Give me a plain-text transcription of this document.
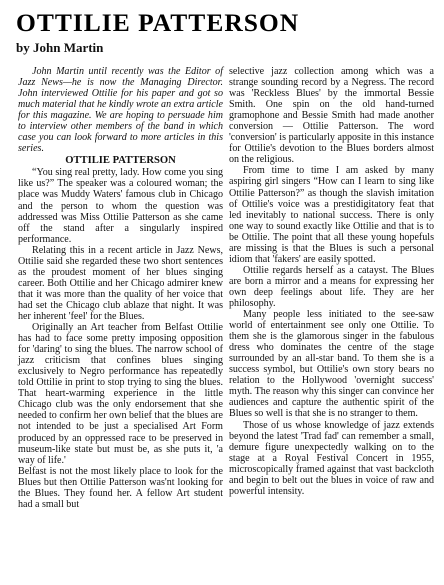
OTTILIE PATTERSON
by John Martin

John Martin until recently was the Editor of Jazz News—he is now the Managing Director. John interviewed Ottilie for his paper and got so much material that he kindly wrote an extra article for this magazine. We are hoping to persuade him to interview other members of the band in which case you can look forward to more articles in this series.

OTTILIE PATTERSON

“You sing real pretty, lady. How come you sing like us?” The speaker was a coloured woman; the place was Muddy Waters' famous club in Chicago and the person to whom the question was addressed was Miss Ottilie Patterson as she came off the stand after a singularly inspired performance.

Relating this in a recent article in Jazz News, Ottilie said she regarded these two short sentences as the proudest moment of her blues singing career. Both Ottilie and her Chicago admirer knew that it was more than the quality of her voice that had set the Chicago club ablaze that night. It was her inherent 'feel' for the Blues.

Originally an Art teacher from Belfast Ottilie has had to face some pretty imposing opposition for 'daring' to sing the blues. The narrow school of jazz criticism that confines blues singing exclusively to Negro performance has repeatedly told Ottilie in print to stop trying to sing the blues. That heart-warming experience in the little Chicago club was the only endorsement that she needed to confirm her own belief that the blues are not intended to be just a specialised Art Form produced by an oppressed race to be preserved in museum-like state but must be, as she puts it, 'a way of life.'

Belfast is not the most likely place to look for the Blues but then Ottilie Patterson was'nt looking for the Blues. They found her. A fellow Art student had a small but

selective jazz collection among which was a strange sounding record by a Negress. The record was 'Reckless Blues' by the immortal Bessie Smith. One spin on the old hand-turned gramophone and Bessie Smith had made another conversion — Ottilie Patterson. The word 'conversion' is particularly apposite in this instance for Ottilie's devotion to the Blues borders almost on the religious.

From time to time I am asked by many aspiring girl singers “How can I learn to sing like Ottilie Patterson?” as though the slavish imitation of Ottilie's voice was a prestidigitatory feat that led inevitably to national success. There is only one way to sound exactly like Ottilie and that is to be Ottilie. The point that all these young hopefuls are missing is that the Blues is such a personal idiom that 'fakers' are easily spotted.

Ottilie regards herself as a catayst. The Blues are born a mirror and a means for expressing her own deep feelings about life. They are her philosophy.

Many people less initiated to the see-saw world of entertainment see only one Ottilie. To them she is the glamorous singer in the fabulous dress who dominates the centre of the stage surrounded by an all-star band. To them she is a success symbol, but Ottilie's own story bears no relation to the Hollywood 'overnight success' myth. The reason why this singer can convince her audiences and capture the authentic spirit of the Blues so well is that she is no stranger to them.

Those of us whose knowledge of jazz extends beyond the latest 'Trad fad' can remember a small, demure figure unexpectedly walking on to the stage at a Royal Festival Concert in 1955, microscopically framed against that vast backcloth and begin to belt out the blues in voice of raw and powerful intensity.
